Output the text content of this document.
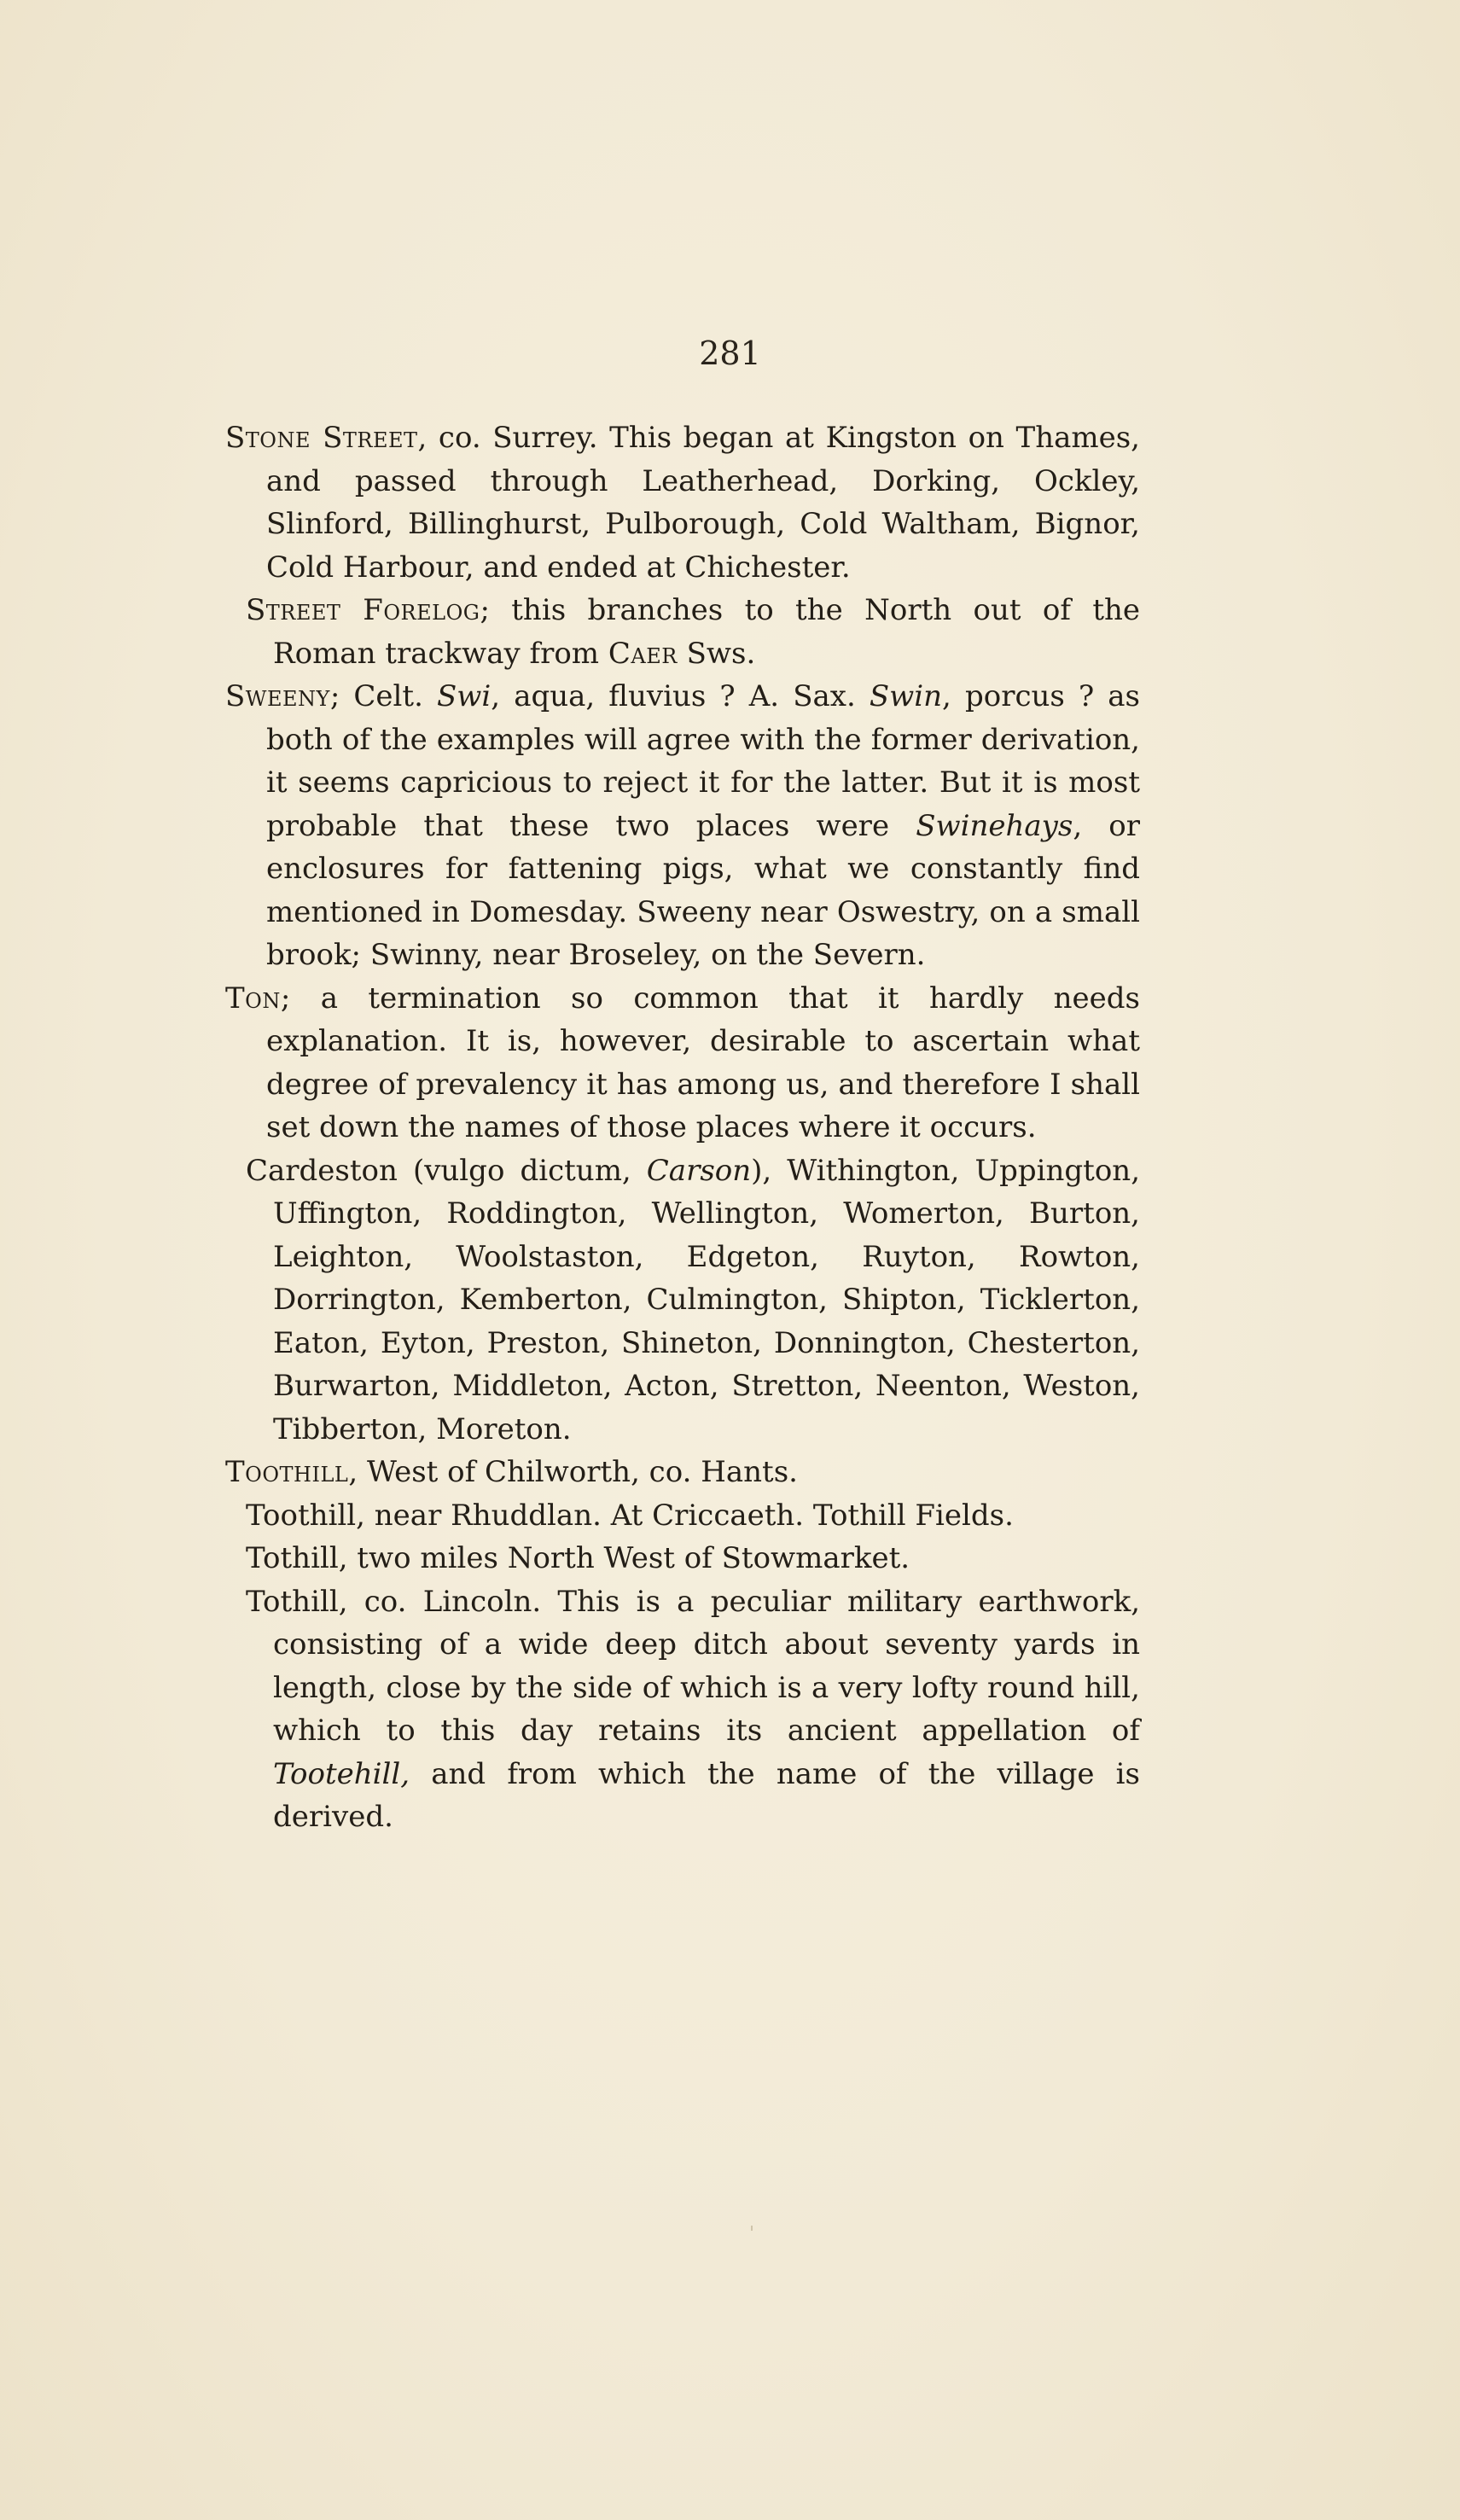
281

Stone Street, co. Surrey. This began at Kingston on Thames, and passed through Leatherhead, Dorking, Ockley, Slinford, Billinghurst, Pulborough, Cold Waltham, Bignor, Cold Harbour, and ended at Chichester.

Street Forelog; this branches to the North out of the Roman trackway from Caer Sws.

Sweeny; Celt. Swi, aqua, fluvius ? A. Sax. Swin, porcus ? as both of the examples will agree with the former derivation, it seems capricious to reject it for the latter. But it is most probable that these two places were Swinehays, or enclosures for fattening pigs, what we constantly find mentioned in Domesday. Sweeny near Oswestry, on a small brook; Swinny, near Broseley, on the Severn.

Ton; a termination so common that it hardly needs explanation. It is, however, desirable to ascertain what degree of prevalency it has among us, and therefore I shall set down the names of those places where it occurs.

Cardeston (vulgo dictum, Carson), Withington, Uppington, Uffington, Roddington, Wellington, Womerton, Burton, Leighton, Woolstaston, Edgeton, Ruyton, Rowton, Dorrington, Kemberton, Culmington, Shipton, Ticklerton, Eaton, Eyton, Preston, Shineton, Donnington, Chesterton, Burwarton, Middleton, Acton, Stretton, Neenton, Weston, Tibberton, Moreton.

Toothill, West of Chilworth, co. Hants.

Toothill, near Rhuddlan. At Criccaeth. Tothill Fields.

Tothill, two miles North West of Stowmarket.

Tothill, co. Lincoln. This is a peculiar military earthwork, consisting of a wide deep ditch about seventy yards in length, close by the side of which is a very lofty round hill, which to this day retains its ancient appellation of Tootehill, and from which the name of the village is derived.
